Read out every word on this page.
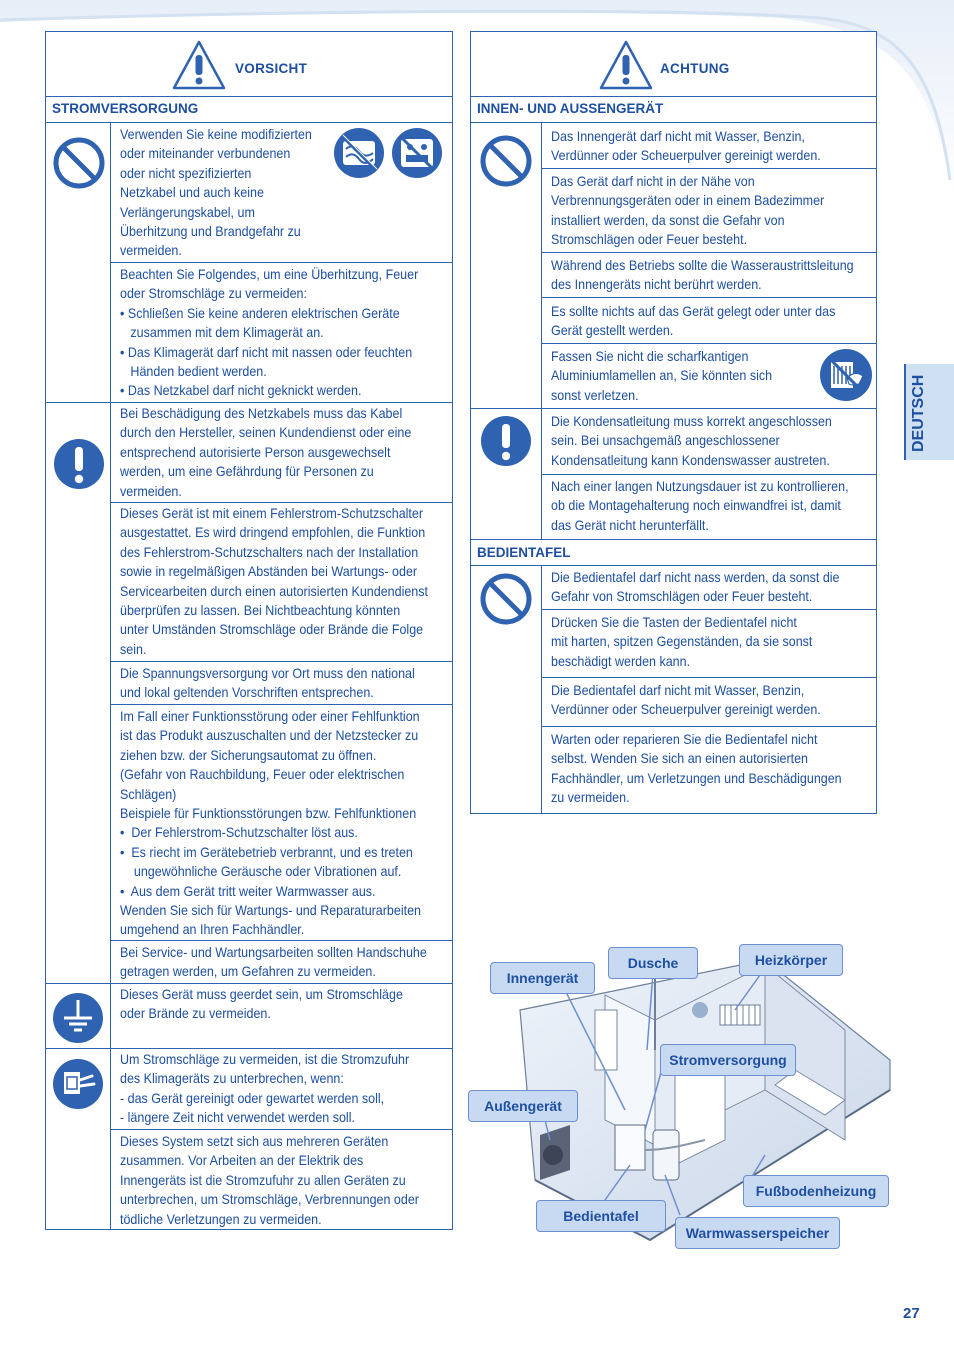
VORSICHT
STROMVERSORGUNG
Verwenden Sie keine modifizierten
oder miteinander verbundenen
oder nicht spezifizierten
Netzkabel und auch keine
Verlängerungskabel, um
Überhitzung und Brandgefahr zu
vermeiden.
Beachten Sie Folgendes, um eine Überhitzung, Feuer
oder Stromschläge zu vermeiden:
• Schließen Sie keine anderen elektrischen Geräte
zusammen mit dem Klimagerät an.
• Das Klimagerät darf nicht mit nassen oder feuchten
Händen bedient werden.
• Das Netzkabel darf nicht geknickt werden.
Bei Beschädigung des Netzkabels muss das Kabel
durch den Hersteller, seinen Kundendienst oder eine
entsprechend autorisierte Person ausgewechselt
werden, um eine Gefährdung für Personen zu
vermeiden.
Dieses Gerät ist mit einem Fehlerstrom-Schutzschalter
ausgestattet. Es wird dringend empfohlen, die Funktion
des Fehlerstrom-Schutzschalters nach der Installation
sowie in regelmäßigen Abständen bei Wartungs- oder
Servicearbeiten durch einen autorisierten Kundendienst
überprüfen zu lassen. Bei Nichtbeachtung könnten
unter Umständen Stromschläge oder Brände die Folge
sein.
Die Spannungsversorgung vor Ort muss den national
und lokal geltenden Vorschriften entsprechen.
Im Fall einer Funktionsstörung oder einer Fehlfunktion
ist das Produkt auszuschalten und der Netzstecker zu
ziehen bzw. der Sicherungsautomat zu öffnen.
(Gefahr von Rauchbildung, Feuer oder elektrischen
Schlägen)
Beispiele für Funktionsstörungen bzw. Fehlfunktionen
•  Der Fehlerstrom-Schutzschalter löst aus.
•  Es riecht im Gerätebetrieb verbrannt, und es treten
ungewöhnliche Geräusche oder Vibrationen auf.
•  Aus dem Gerät tritt weiter Warmwasser aus.
Wenden Sie sich für Wartungs- und Reparaturarbeiten
umgehend an Ihren Fachhändler.
Bei Service- und Wartungsarbeiten sollten Handschuhe
getragen werden, um Gefahren zu vermeiden.
Dieses Gerät muss geerdet sein, um Stromschläge
oder Brände zu vermeiden.
Um Stromschläge zu vermeiden, ist die Stromzufuhr
des Klimageräts zu unterbrechen, wenn:
- das Gerät gereinigt oder gewartet werden soll,
- längere Zeit nicht verwendet werden soll.
Dieses System setzt sich aus mehreren Geräten
zusammen. Vor Arbeiten an der Elektrik des
Innengeräts ist die Stromzufuhr zu allen Geräten zu
unterbrechen, um Stromschläge, Verbrennungen oder
tödliche Verletzungen zu vermeiden.
ACHTUNG
INNEN- UND AUSSENGERÄT
BEDIENTAFEL
Das Innengerät darf nicht mit Wasser, Benzin,
Verdünner oder Scheuerpulver gereinigt werden.
Das Gerät darf nicht in der Nähe von
Verbrennungsgeräten oder in einem Badezimmer
installiert werden, da sonst die Gefahr von
Stromschlägen oder Feuer besteht.
Während des Betriebs sollte die Wasseraustrittsleitung
des Innengeräts nicht berührt werden.
Es sollte nichts auf das Gerät gelegt oder unter das
Gerät gestellt werden.
Fassen Sie nicht die scharfkantigen
Aluminiumlamellen an, Sie könnten sich
sonst verletzen.
Die Kondensatleitung muss korrekt angeschlossen
sein. Bei unsachgemäß angeschlossener
Kondensatleitung kann Kondenswasser austreten.
Nach einer langen Nutzungsdauer ist zu kontrollieren,
ob die Montagehalterung noch einwandfrei ist, damit
das Gerät nicht herunterfällt.
Die Bedientafel darf nicht nass werden, da sonst die
Gefahr von Stromschlägen oder Feuer besteht.
Drücken Sie die Tasten der Bedientafel nicht
mit harten, spitzen Gegenständen, da sie sonst
beschädigt werden kann.
Die Bedientafel darf nicht mit Wasser, Benzin,
Verdünner oder Scheuerpulver gereinigt werden.
Warten oder reparieren Sie die Bedientafel nicht
selbst. Wenden Sie sich an einen autorisierten
Fachhändler, um Verletzungen und Beschädigungen
zu vermeiden.
DEUTSCH
Innengerät
Dusche	Heizkörper
Stromversorgung
Außengerät
Fußbodenheizung
Bedientafel
Warmwasserspeicher
27
